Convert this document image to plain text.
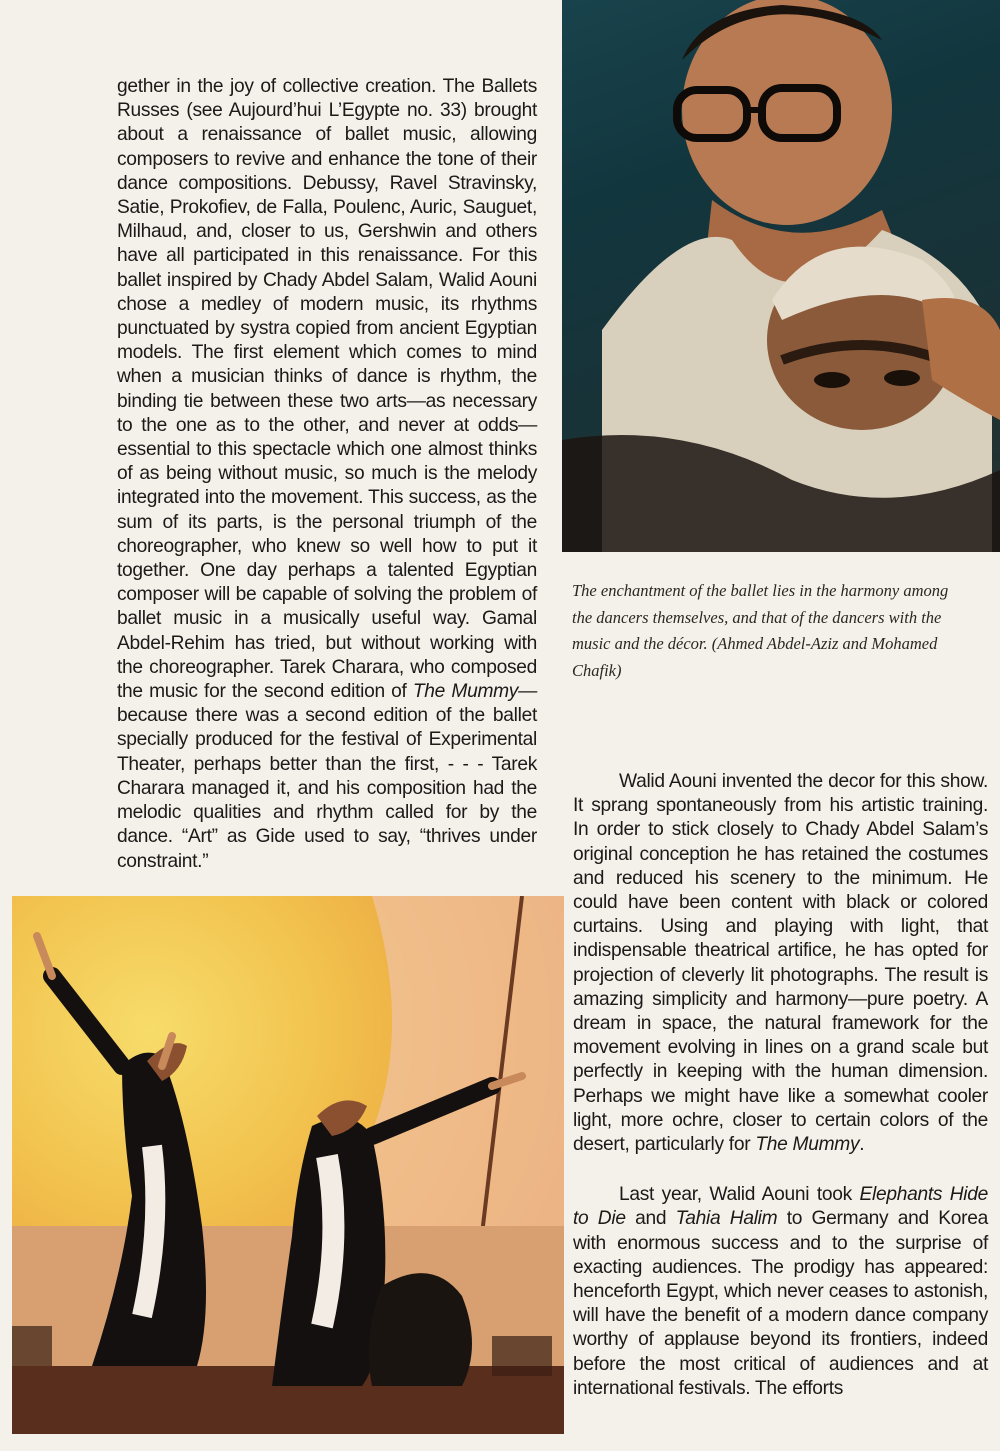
gether in the joy of collective creation. The Ballets Russes (see Aujourd’hui L’Egypte no. 33) brought about a renaissance of ballet music, allowing composers to revive and enhance the tone of their dance compositions. Debussy, Ravel Stravinsky, Satie, Prokofiev, de Falla, Poulenc, Auric, Sauguet, Milhaud, and, closer to us, Gershwin and others have all participated in this renaissance. For this ballet inspired by Chady Abdel Salam, Walid Aouni chose a medley of modern music, its rhythms punctuated by systra copied from ancient Egyptian models. The first element which comes to mind when a musician thinks of dance is rhythm, the binding tie between these two arts—as necessary to the one as to the other, and never at odds—essential to this spectacle which one almost thinks of as being without music, so much is the melody integrated into the movement. This success, as the sum of its parts, is the personal triumph of the choreographer, who knew so well how to put it together. One day perhaps a talented Egyptian composer will be capable of solving the problem of ballet music in a musically useful way. Gamal Abdel-Rehim has tried, but without working with the choreographer. Tarek Charara, who composed the music for the second edition of The Mummy—because there was a second edition of the ballet specially produced for the festival of Experimental Theater, perhaps better than the first, - - - Tarek Charara managed it, and his composition had the melodic qualities and rhythm called for by the dance. “Art” as Gide used to say, “thrives under constraint.”

The enchantment of the ballet lies in the harmony among the dancers themselves, and that of the dancers with the music and the décor. (Ahmed Abdel-Aziz and Mohamed Chafik)

Walid Aouni invented the decor for this show. It sprang spontaneously from his artistic training. In order to stick closely to Chady Abdel Salam’s original conception he has retained the costumes and reduced his scenery to the minimum. He could have been content with black or colored curtains. Using and playing with light, that indispensable theatrical artifice, he has opted for projection of cleverly lit photographs. The result is amazing simplicity and harmony—pure poetry. A dream in space, the natural framework for the movement evolving in lines on a grand scale but perfectly in keeping with the human dimension. Perhaps we might have like a somewhat cooler light, more ochre, closer to certain colors of the desert, particularly for The Mummy.

Last year, Walid Aouni took Elephants Hide to Die and Tahia Halim to Germany and Korea with enormous success and to the surprise of exacting audiences. The prodigy has appeared: henceforth Egypt, which never ceases to astonish, will have the benefit of a modern dance company worthy of applause beyond its frontiers, indeed before the most critical of audiences and at international festivals. The efforts
